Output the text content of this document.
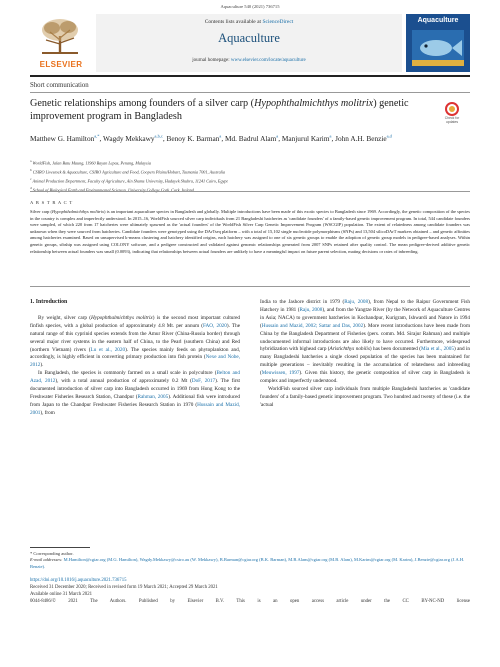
Aquaculture 540 (2021) 736715
ELSEVIER
Contents lists available at ScienceDirect
Aquaculture
journal homepage: www.elsevier.com/locate/aquaculture
Aquaculture
Short communication
Genetic relationships among founders of a silver carp (Hypophthalmichthys molitrix) genetic improvement program in Bangladesh	Check for updates
Matthew G. Hamilton$^{a,*}$, Wagdy Mekkawy$^{a,b,c}$, Benoy K. Barman$^a$, Md. Badrul Alam$^a$, Manjurul Karim$^a$, John A.H. Benzie$^{a,d}$
$^a$WorldFish, Jalan Batu Maung, 11960 Bayan Lepas, Penang, Malaysia
$^b$CSIRO Livestock & Aquaculture, CSIRO Agriculture and Food, Coopers Plains/Hobart, Tasmania 7001, Australia
$^c$Animal Production Department, Faculty of Agriculture, Ain Shams University, Hadayek Shubra, 11241 Cairo, Egypt
$^d$School of Biological Earth and Environmental Sciences, University College Cork, Cork, Ireland
A B S T R A C T
Silver carp (Hypophthalmichthys molitrix) is an important aquaculture species in Bangladesh and globally. Multiple introductions have been made of this exotic species to Bangladesh since 1969. Accordingly, the genetic composition of the species in the country is complex and imperfectly understood. In 2015–16, WorldFish sourced silver carp individuals from 21 Bangladeshi hatcheries as 'candidate founders' of a family-based genetic improvement program. In total, 544 candidate founders were sampled, of which 220 from 17 hatcheries were ultimately spawned as the 'actual founders' of the WorldFish Silver Carp Genetic Improvement Program (WSCGIP) population. The extent of relatedness among candidate founders was unknown when they were sourced from hatcheries. Candidate founders were genotyped using the DArTseq platform – with a total of 15,102 single nucleotide polymorphisms (SNPs) and 13,504 silicoDArT markers obtained – and genetic affinities among hatcheries examined. Based on unsupervised k-means clustering and hatchery identified origins, each hatchery was assigned to one of six genetic groups to enable the adoption of genetic group models in pedigree-based analyses. Within genetic groups, sibship was assigned using COLONY software, and a pedigree constructed and validated against genomic relationships generated from 2007 SNPs retained after quality control. The mean pedigree-derived additive genetic relationship between actual founders was small (0.0093), indicating that relationships between actual founders are unlikely to have a meaningful impact on future parent selection, mating decisions or rates of inbreeding.
1. Introduction

By weight, silver carp (Hypophthalmichthys molitrix) is the second most important cultured finfish species, with a global production of approximately 4.8 Mt. per annum (FAO, 2020). The natural range of this cyprinid species extends from the Amur River (China-Russia border) through several major river systems in the eastern half of China, to the Pearl (southern China) and Red (northern Vietnam) rivers (Lu et al., 2020). The species mainly feeds on phytoplankton and, accordingly, is highly efficient in converting primary production into fish protein (Nexe and Nobe, 2012).

In Bangladesh, the species is commonly farmed on a small scale in polyculture (Belton and Azad, 2012), with a total annual production of approximately 0.2 Mt (DoF, 2017). The first documented introduction of silver carp into Bangladesh occurred in 1969 from Hong Kong to the Freshwater Fisheries Research Station, Chandpur (Rahman, 2005). Additional fish were introduced from Japan to the Chandpur Freshwater Fisheries Research Station in 1970 (Hussain and Mazid, 2001), from

India to the Jashore district in 1979 (Raju, 2008), from Nepal to the Raipur Government Fish Hatchery in 1981 (Raju, 2008), and from the Yangtze River (by the Network of Aquaculture Centres in Asia; NACA) to government hatcheries in Kochandpur, Kurigram, Ishwardi and Natore in 1994 (Hussain and Mazid, 2002; Sattar and Das, 2002). More recent introductions have been made from China by the Bangladesh Department of Fisheries (pers. comm. Md. Sirajur Rahman) and multiple undocumented informal introductions are also likely to have occurred. Furthermore, widespread hybridization with bighead carp (Aristichthys nobilis) has been documented (Mia et al., 2005) and in many Bangladeshi hatcheries a single closed population of the species has been maintained for multiple generations – inevitably resulting in the accumulation of relatedness and inbreeding (Meuwissen, 1997). Given this history, the genetic composition of silver carp in Bangladesh is complex and imperfectly understood.

WorldFish sourced silver carp individuals from multiple Bangladeshi hatcheries as 'candidate founders' of a family-based genetic improvement program. Two hundred and twenty of these (i.e. the 'actual

* Corresponding author.
E-mail addresses: M.Hamilton@cgiar.org (M.G. Hamilton), Wagdy.Mekkawy@csiro.au (W. Mekkawy), B.Barman@cgiar.org (B.K. Barman), M.B.Alam@cgiar.org (M.B. Alam), M.Karim@cgiar.org (M. Karim), J.Benzie@cgiar.org (J.A.H. Benzie).
https://doi.org/10.1016/j.aquaculture.2021.736715
Received 31 December 2020; Received in revised form 19 March 2021; Accepted 29 March 2021
Available online 31 March 2021
0044-8486/© 2021 The Authors. Published by Elsevier B.V. This is an open access article under the CC BY-NC-ND license
